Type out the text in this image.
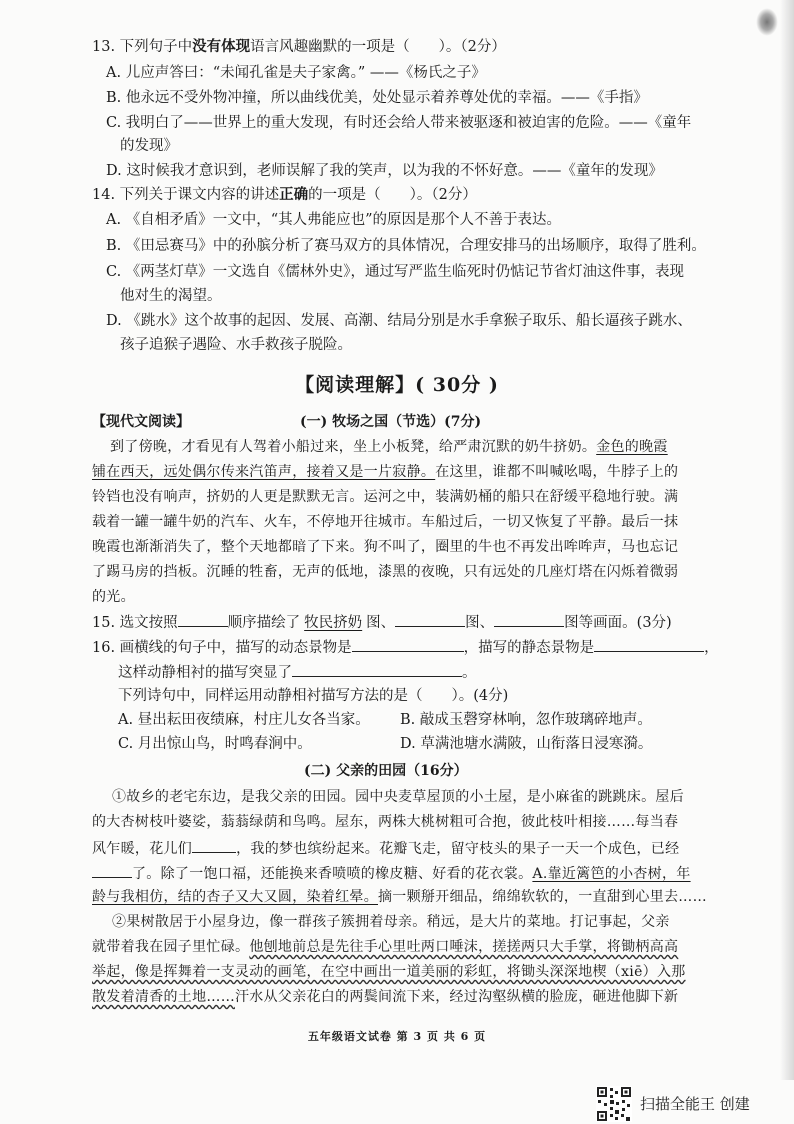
13. 下列句子中没有体现语言风趣幽默的一项是（　　）。（2分）
A. 儿应声答曰：“未闻孔雀是夫子家禽。” ——《杨氏之子》
B. 他永远不受外物冲撞，所以曲线优美，处处显示着养尊处优的幸福。——《手指》
C. 我明白了——世界上的重大发现，有时还会给人带来被驱逐和被迫害的危险。——《童年
的发现》
D. 这时候我才意识到，老师误解了我的笑声，以为我的不怀好意。——《童年的发现》
14. 下列关于课文内容的讲述正确的一项是（　　）。（2分）
A. 《自相矛盾》一文中，“其人弗能应也”的原因是那个人不善于表达。
B. 《田忌赛马》中的孙膑分析了赛马双方的具体情况，合理安排马的出场顺序，取得了胜利。
C. 《两茎灯草》一文选自《儒林外史》，通过写严监生临死时仍惦记节省灯油这件事，表现
他对生的渴望。
D. 《跳水》这个故事的起因、发展、高潮、结局分别是水手拿猴子取乐、船长逼孩子跳水、
孩子追猴子遇险、水手救孩子脱险。
【阅读理解】( 30分 )
【现代文阅读】	(一) 牧场之国（节选）(7分)
到了傍晚，才看见有人驾着小船过来，坐上小板凳，给严肃沉默的奶牛挤奶。金色的晚霞
铺在西天，远处偶尔传来汽笛声，接着又是一片寂静。在这里，谁都不叫喊吆喝，牛脖子上的
铃铛也没有响声，挤奶的人更是默默无言。运河之中，装满奶桶的船只在舒缓平稳地行驶。满
载着一罐一罐牛奶的汽车、火车，不停地开往城市。车船过后，一切又恢复了平静。最后一抹
晚霞也渐渐消失了，整个天地都暗了下来。狗不叫了，圈里的牛也不再发出哞哞声，马也忘记
了踢马房的挡板。沉睡的牲畜，无声的低地，漆黑的夜晚，只有远处的几座灯塔在闪烁着微弱
的光。
15. 选文按照	顺序描绘了 牧民挤奶 图、	图、	图等画面。(3分)
16. 画横线的句子中，描写的动态景物是	，描写的静态景物是	，
这样动静相衬的描写突显了	。
下列诗句中，同样运用动静相衬描写方法的是（　　）。(4分)
A. 昼出耘田夜绩麻，村庄儿女各当家。 B. 敲成玉磬穿林响，忽作玻璃碎地声。
C. 月出惊山鸟，时鸣春涧中。	D. 草满池塘水满陂，山衔落日浸寒漪。
(二) 父亲的田园（16分）
①故乡的老宅东边，是我父亲的田园。园中央麦草屋顶的小土屋，是小麻雀的跳跳床。屋后
的大杏树枝叶婆娑，蓊蓊绿荫和鸟鸣。屋东，两株大桃树粗可合抱，彼此枝叶相接……每当春
风乍暖，花儿们	，我的梦也缤纷起来。花瓣飞走，留守枝头的果子一天一个成色，已经
了。除了一饱口福，还能换来香喷喷的橡皮糖、好看的花衣裳。A.靠近篱笆的小杏树，年
龄与我相仿，结的杏子又大又圆，染着红晕。摘一颗掰开细品，绵绵软软的，一直甜到心里去……
②果树散居于小屋身边，像一群孩子簇拥着母亲。稍远，是大片的菜地。打记事起，父亲
就带着我在园子里忙碌。他刨地前总是先往手心里吐两口唾沫，搓搓两只大手掌，将锄柄高高
举起，像是挥舞着一支灵动的画笔，在空中画出一道美丽的彩虹，将锄头深深地楔（xiē）入那
散发着清香的土地……汗水从父亲花白的两鬓间流下来，经过沟壑纵横的脸庞，砸进他脚下新
五年级语文试卷 第 3 页 共 6 页
扫描全能王 创建
